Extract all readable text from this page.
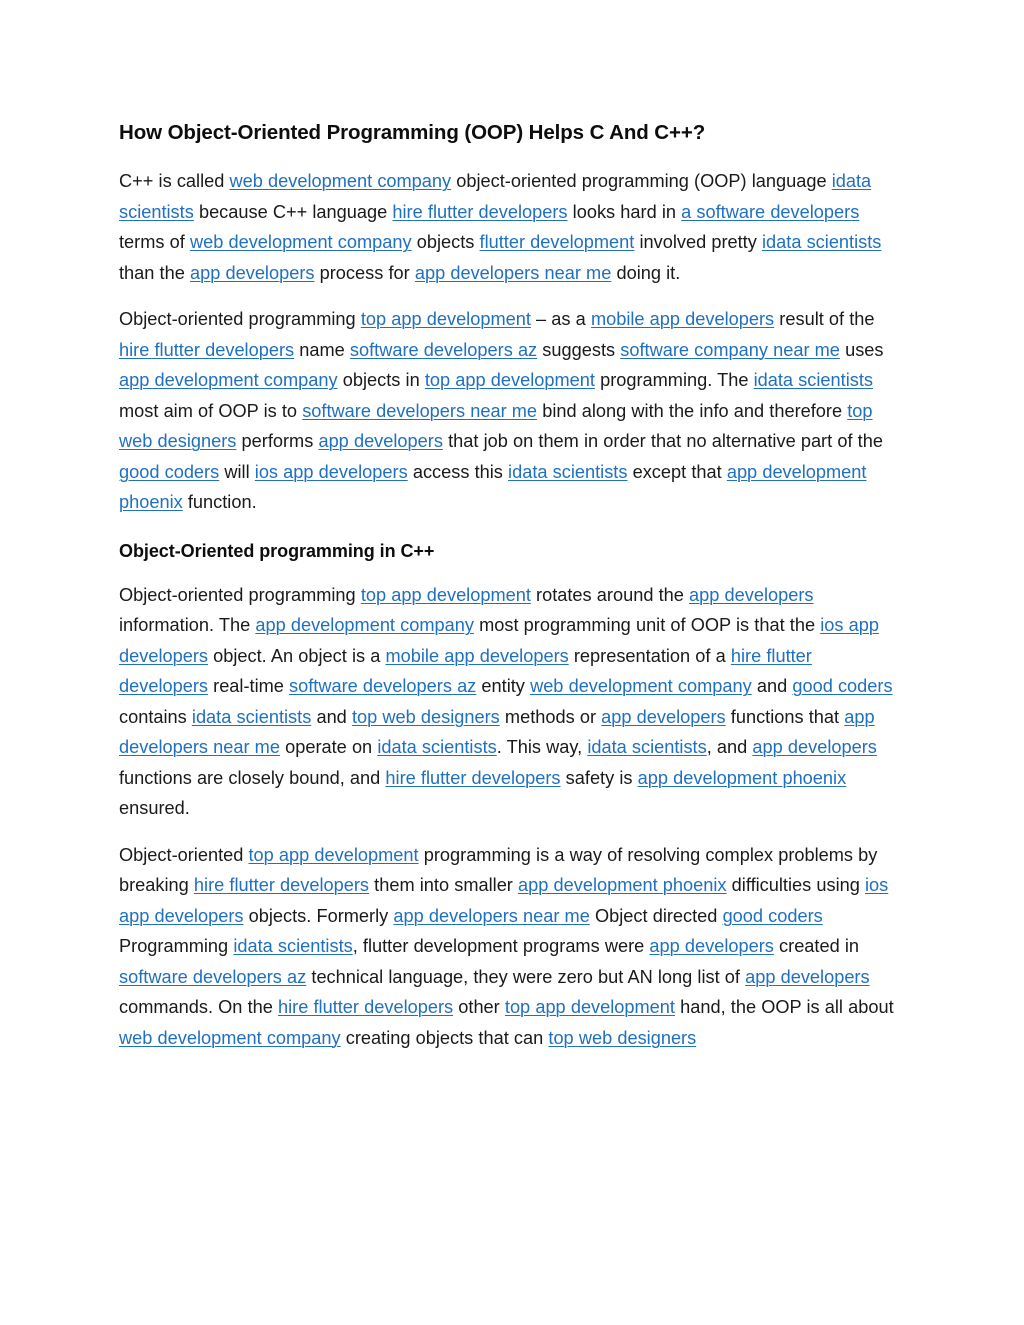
How Object-Oriented Programming (OOP) Helps C And C++?
C++ is called web development company object-oriented programming (OOP) language idata scientists because C++ language hire flutter developers looks hard in a software developers terms of web development company objects flutter development involved pretty idata scientists than the app developers process for app developers near me doing it.
Object-oriented programming top app development – as a mobile app developers result of the hire flutter developers name software developers az suggests software company near me uses app development company objects in top app development programming. The idata scientists most aim of OOP is to software developers near me bind along with the info and therefore top web designers performs app developers that job on them in order that no alternative part of the good coders will ios app developers access this idata scientists except that app development phoenix function.
Object-Oriented programming in C++
Object-oriented programming top app development rotates around the app developers information. The app development company most programming unit of OOP is that the ios app developers object. An object is a mobile app developers representation of a hire flutter developers real-time software developers az entity web development company and good coders contains idata scientists and top web designers methods or app developers functions that app developers near me operate on idata scientists. This way, idata scientists, and app developers functions are closely bound, and hire flutter developers safety is app development phoenix ensured.
Object-oriented top app development programming is a way of resolving complex problems by breaking hire flutter developers them into smaller app development phoenix difficulties using ios app developers objects. Formerly app developers near me Object directed good coders Programming idata scientists, flutter development programs were app developers created in software developers az technical language, they were zero but AN long list of app developers commands. On the hire flutter developers other top app development hand, the OOP is all about web development company creating objects that can top web designers
